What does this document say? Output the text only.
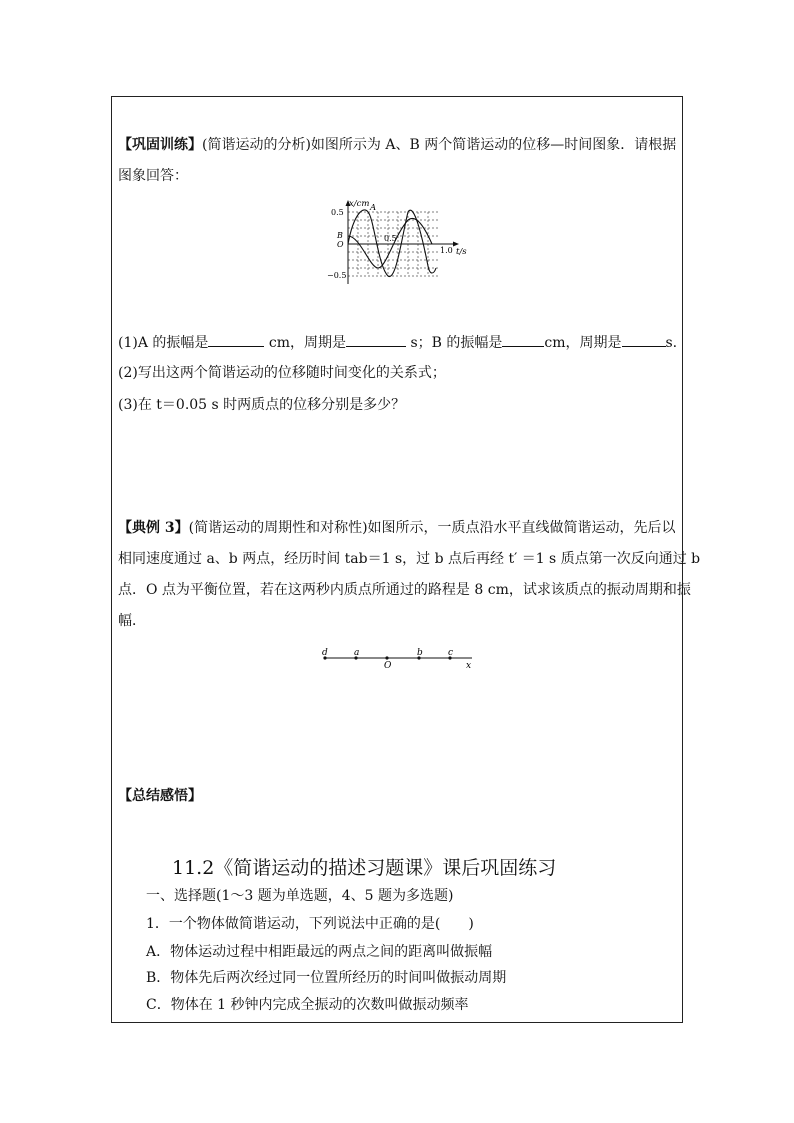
【巩固训练】(简谐运动的分析)如图所示为 A、B 两个简谐运动的位移—时间图象．请根据
图象回答：
x/cm A
0.5
B
O
−0.5
0.5
1.0 t/s
(1)A 的振幅是	cm，周期是	s；B 的振幅是	cm，周期是	s.
(2)写出这两个简谐运动的位移随时间变化的关系式；
(3)在 t＝0.05 s 时两质点的位移分别是多少？
【典例 3】(简谐运动的周期性和对称性)如图所示，一质点沿水平直线做简谐运动，先后以
相同速度通过 a、b 两点，经历时间 tab＝1 s，过 b 点后再经 t′ ＝1 s 质点第一次反向通过 b
点．O 点为平衡位置，若在这两秒内质点所通过的路程是 8 cm，试求该质点的振动周期和振
幅．
d	a
O
b	c
x
【总结感悟】
11.2《简谐运动的描述习题课》课后巩固练习
一、选择题(1～3 题为单选题，4、5 题为多选题)
1．一个物体做简谐运动，下列说法中正确的是(　　)
A．物体运动过程中相距最远的两点之间的距离叫做振幅
B．物体先后两次经过同一位置所经历的时间叫做振动周期
C．物体在 1 秒钟内完成全振动的次数叫做振动频率
